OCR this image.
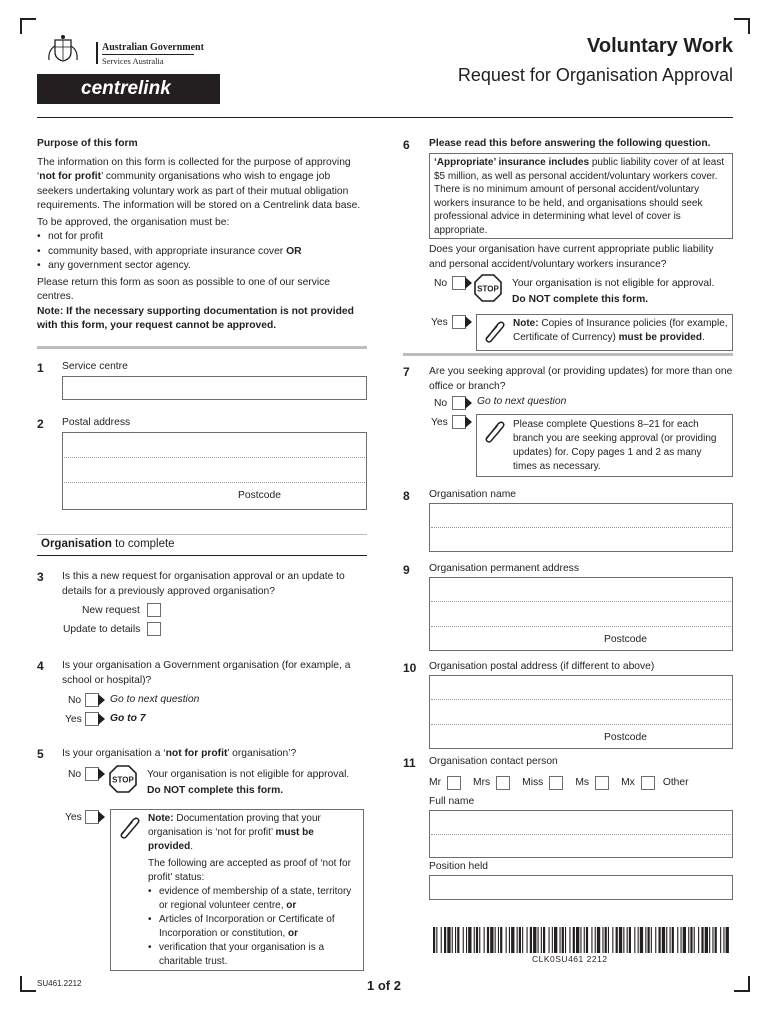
Australian Government
Services Australia
centrelink
Voluntary Work
Request for Organisation Approval
Purpose of this form
The information on this form is collected for the purpose of approving ‘not for profit’ community organisations who wish to engage job seekers undertaking voluntary work as part of their mutual obligation requirements. The information will be stored on a Centrelink data base.
To be approved, the organisation must be:
• not for profit
• community based, with appropriate insurance cover OR
• any government sector agency.
Please return this form as soon as possible to one of our service centres.
Note: If the necessary supporting documentation is not provided with this form, your request cannot be approved.
1 Service centre
2 Postal address
Postcode
Organisation to complete
3 Is this a new request for organisation approval or an update to details for a previously approved organisation?
New request
Update to details
4 Is your organisation a Government organisation (for example, a school or hospital)?
No	Go to next question
Yes	Go to 7
5 Is your organisation a ‘not for profit’ organisation’?
No	STOP Your organisation is not eligible for approval.
Do NOT complete this form.
Yes	Note: Documentation proving that your organisation is ‘not for profit’ must be provided.
The following are accepted as proof of ‘not for profit’ status:
• evidence of membership of a state, territory or regional volunteer centre, or
• Articles of Incorporation or Certificate of Incorporation or constitution, or
• verification that your organisation is a charitable trust.
6 Please read this before answering the following question.
‘Appropriate’ insurance includes public liability cover of at least $5 million, as well as personal accident/voluntary workers cover. There is no minimum amount of personal accident/voluntary workers insurance to be held, and organisations should seek professional advice in determining what level of cover is appropriate.
Does your organisation have current appropriate public liability and personal accident/voluntary workers insurance?
No	STOP Your organisation is not eligible for approval.
Do NOT complete this form.
Yes	Note: Copies of Insurance policies (for example, Certificate of Currency) must be provided.
7 Are you seeking approval (or providing updates) for more than one office or branch?
No	Go to next question
Yes	Please complete Questions 8–21 for each branch you are seeking approval (or providing updates) for. Copy pages 1 and 2 as many times as necessary.
8 Organisation name
9 Organisation permanent address
Postcode
10 Organisation postal address (if different to above)
Postcode
11 Organisation contact person
Mr	Mrs	Miss	Ms	Mx	Other
Full name
Position held
CLK0SU461 2212
SU461.2212	1 of 2
